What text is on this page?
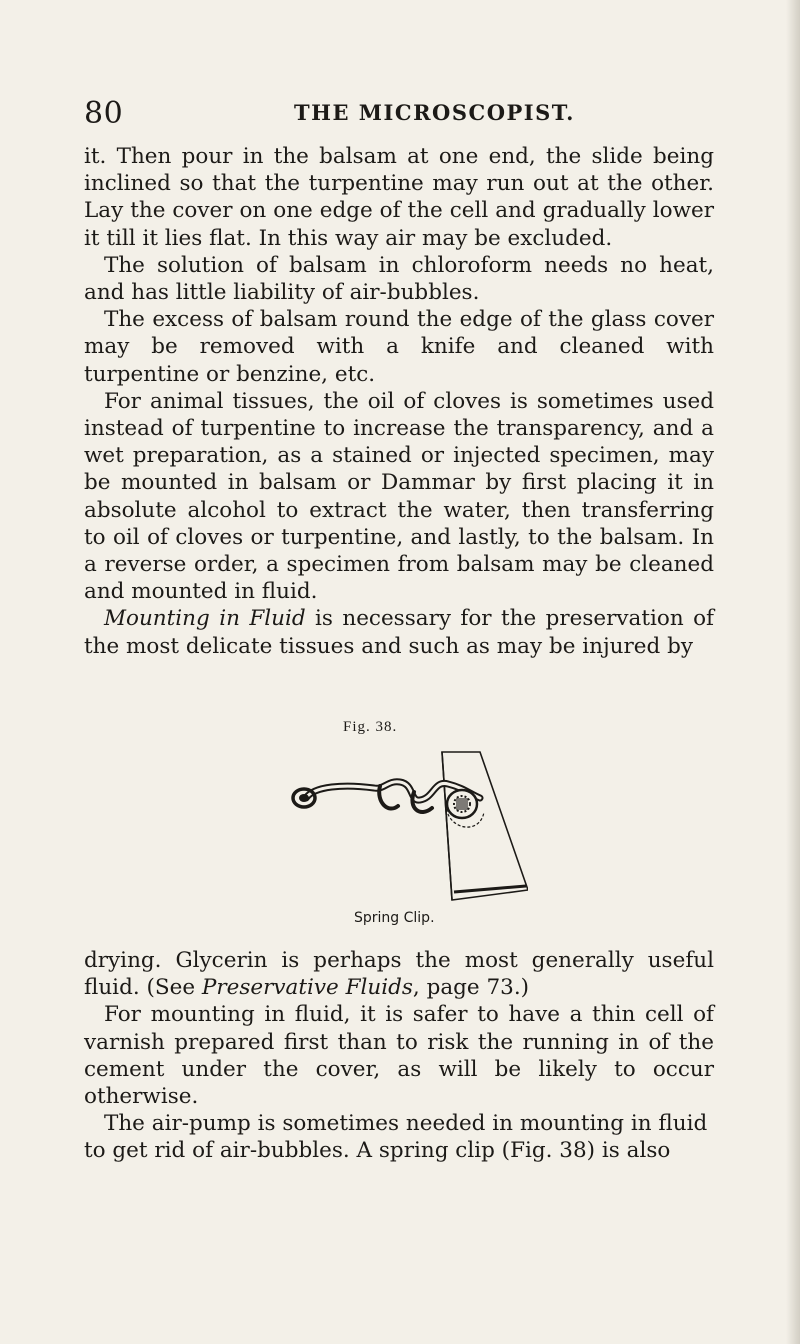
80	THE MICROSCOPIST.

it. Then pour in the balsam at one end, the slide being inclined so that the turpentine may run out at the other. Lay the cover on one edge of the cell and gradually lower it till it lies flat. In this way air may be excluded.

The solution of balsam in chloroform needs no heat, and has little liability of air-bubbles.

The excess of balsam round the edge of the glass cover may be removed with a knife and cleaned with turpentine or benzine, etc.

For animal tissues, the oil of cloves is sometimes used instead of turpentine to increase the transparency, and a wet preparation, as a stained or injected specimen, may be mounted in balsam or Dammar by first placing it in absolute alcohol to extract the water, then transferring to oil of cloves or turpentine, and lastly, to the balsam. In a reverse order, a specimen from balsam may be cleaned and mounted in fluid.

Mounting in Fluid is necessary for the preservation of the most delicate tissues and such as may be injured by

Fig. 38.
Spring Clip.

drying. Glycerin is perhaps the most generally useful fluid. (See Preservative Fluids, page 73.)

For mounting in fluid, it is safer to have a thin cell of varnish prepared first than to risk the running in of the cement under the cover, as will be likely to occur otherwise.

The air-pump is sometimes needed in mounting in fluid to get rid of air-bubbles. A spring clip (Fig. 38) is also
